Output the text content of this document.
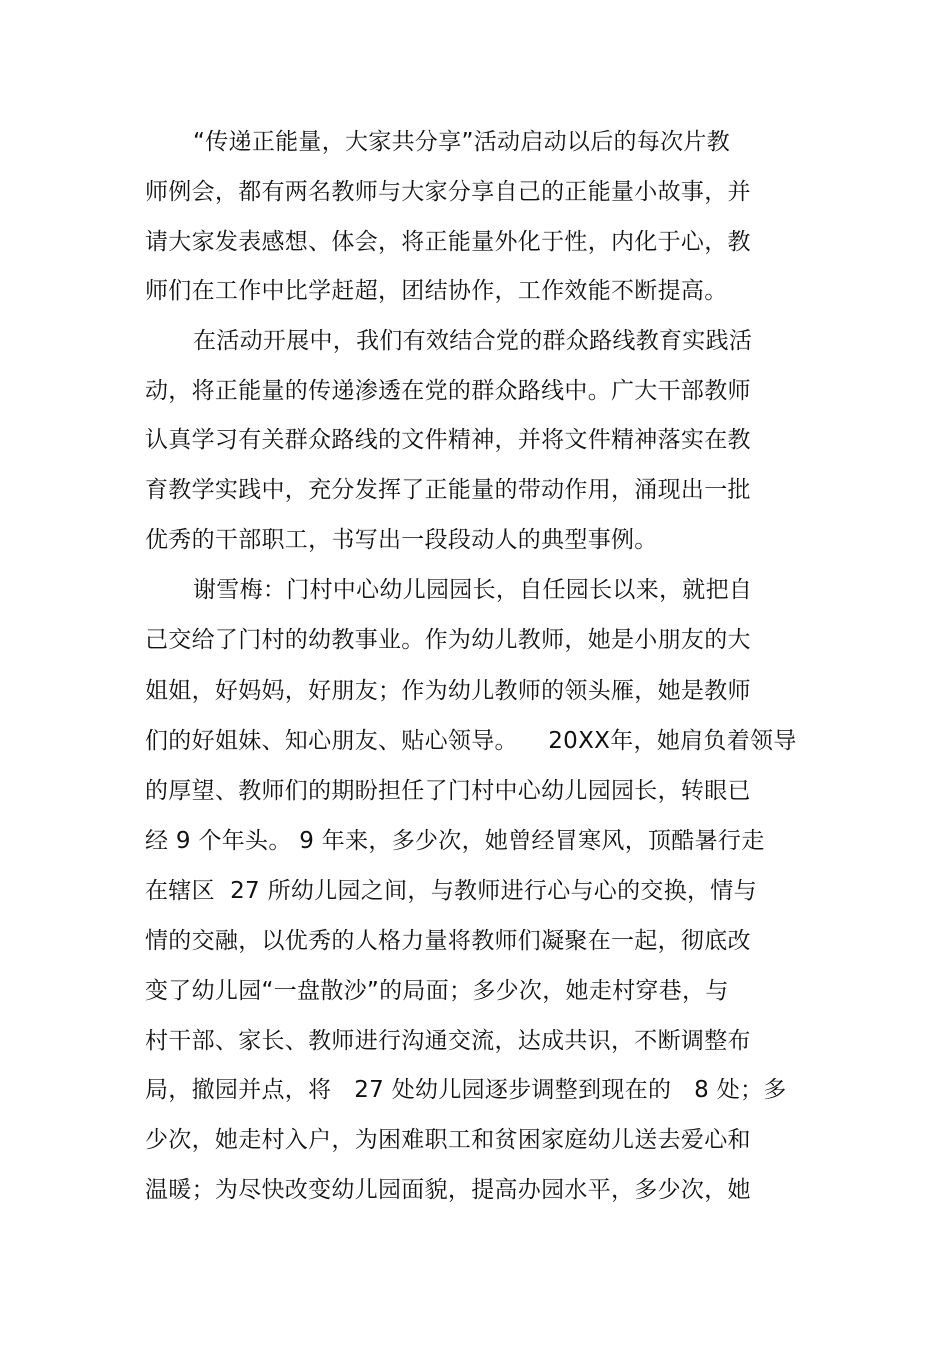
“传递正能量，大家共分享”活动启动以后的每次片教
师例会，都有两名教师与大家分享自己的正能量小故事，并
请大家发表感想、体会，将正能量外化于性，内化于心，教
师们在工作中比学赶超，团结协作，工作效能不断提高。
在活动开展中，我们有效结合党的群众路线教育实践活
动，将正能量的传递渗透在党的群众路线中。广大干部教师
认真学习有关群众路线的文件精神，并将文件精神落实在教
育教学实践中，充分发挥了正能量的带动作用，涌现出一批
优秀的干部职工，书写出一段段动人的典型事例。
谢雪梅：门村中心幼儿园园长，自任园长以来，就把自
己交给了门村的幼教事业。作为幼儿教师，她是小朋友的大
姐姐，好妈妈，好朋友；作为幼儿教师的领头雁，她是教师
们的好姐妹、知心朋友、贴心领导。    20XX年，她肩负着领导
的厚望、教师们的期盼担任了门村中心幼儿园园长，转眼已
经 9 个年头。 9 年来，多少次，她曾经冒寒风，顶酷暑行走
在辖区  27 所幼儿园之间，与教师进行心与心的交换，情与
情的交融，以优秀的人格力量将教师们凝聚在一起，彻底改
变了幼儿园“一盘散沙”的局面；多少次，她走村穿巷，与
村干部、家长、教师进行沟通交流，达成共识，不断调整布
局，撤园并点，将   27 处幼儿园逐步调整到现在的   8 处；多
少次，她走村入户，为困难职工和贫困家庭幼儿送去爱心和
温暖；为尽快改变幼儿园面貌，提高办园水平，多少次，她
